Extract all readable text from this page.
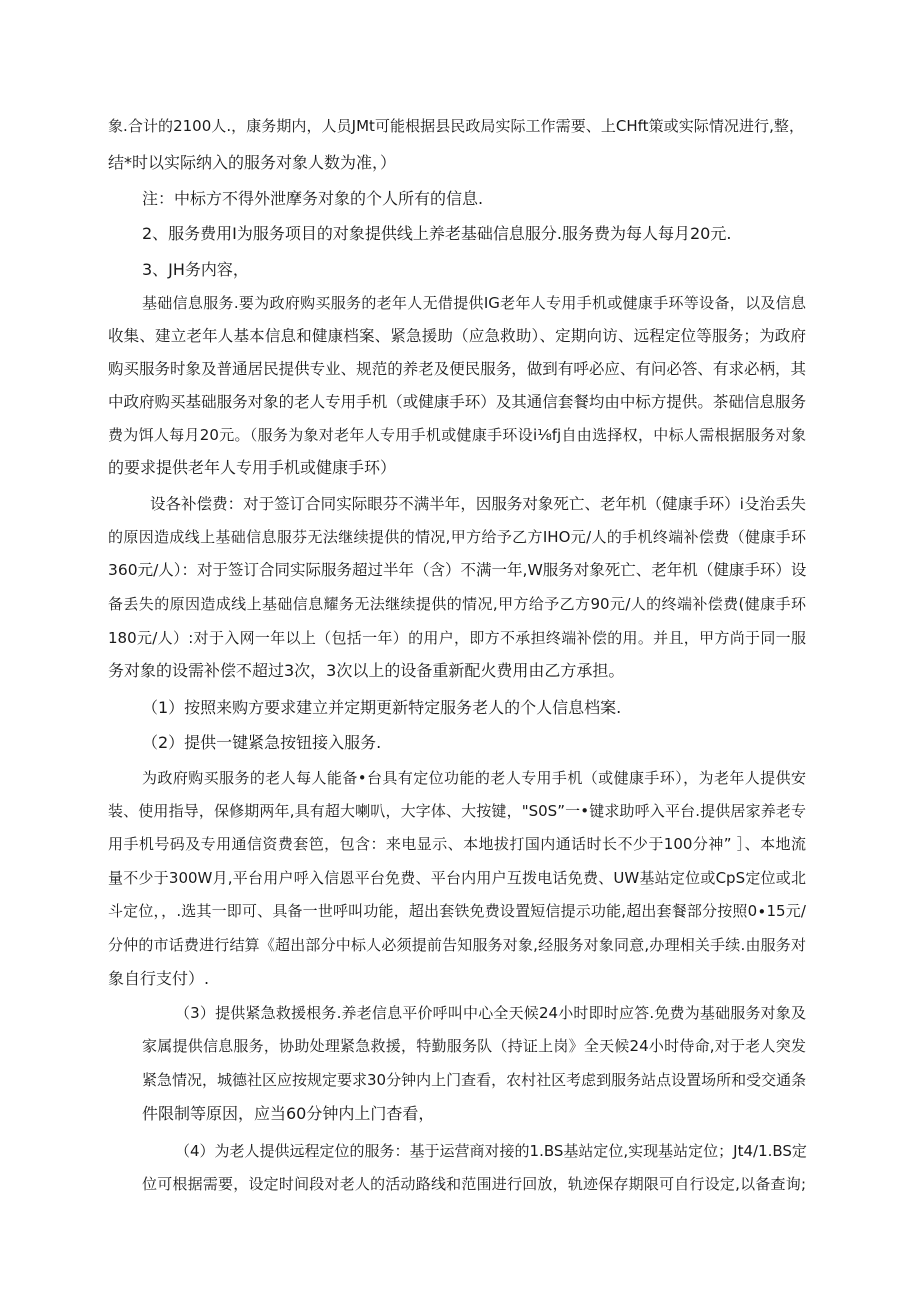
象.合计的2100人.，康务期内，人员JMt可能根据县民政局实际工作需要、上CHft策或实际情况进行,整，
结*时以实际纳入的服务对象人数为准，）
注：中标方不得外泄摩务对象的个人所有的信息.
2、服务费用I为服务项目的对象提供线上养老基础信息服分.服务费为每人每月20元.
3、JH务内容，
基础信息服务.要为政府购买服务的老年人无借提供IG老年人专用手机或健康手环等设备，以及信息
收集、建立老年人基本信息和健康档案、紧急援助（应急救助）、定期向访、远程定位等服务；为政府
购买服务时象及普通居民提供专业、规范的养老及便民服务，做到有呼必应、有问必答、有求必柄，其
中政府购买基础服务对象的老人专用手机（或健康手环）及其通信套餐均由中标方提供。茶础信息服务
费为饵人每月20元。（服务为象对老年人专用手机或健康手环设i⅛fj自由选择权，中标人需根据服务对象
的要求提供老年人专用手机或健康手环）
设各补偿费：对于签订合同实际眼芬不满半年，因服务对象死亡、老年机（健康手环）i殳治丢失
的原因造成线上基础信息服芬无法继续提供的情况,甲方给予乙方IHO元/人的手机终端补偿费（健康手环
360元/人）：对于签订合同实际服务超过半年（含）不满一年,W服务对象死亡、老年机（健康手环）设
备丢失的原因造成线上基础信息耀务无法继续提供的情况,甲方给予乙方90元/人的终端补偿费(健康手环
180元/人）:对于入网一年以上（包括一年）的用户，即方不承担终端补偿的用。并且，甲方尚于同一服
务对象的设需补偿不超过3次，3次以上的设备重新配火费用由乙方承担。
（1）按照来购方要求建立并定期更新特定服务老人的个人信息档案.
（2）提供一键紧急按钮接入服务.
为政府购买服务的老人每人能备•台具有定位功能的老人专用手机（或健康手环），为老年人提供安
装、使用指导，保修期两年,具有超大喇叭，大字体、大按键，"S0S”一•键求助呼入平台.提供居家养老专
用手机号码及专用通信资费套笆，包含：来电显示、本地拔打国内通话时长不少于100分神” ］、本地流
量不少于300W月,平台用户呼入信恩平台免费、平台内用户互拨电话免费、UW基站定位或CpS定位或北
斗定位，，.选其一即可、具备一世呼叫功能，超出套铁免费设置短信提示功能,超出套餐部分按照0∙15元/
分仲的市话费进行结算《超出部分中标人必须提前告知服务对象,经服务对象同意,办理相关手续.由服务对
象自行支付）.
（3）提供紧急救援根务.养老信息平价呼叫中心全天候24小时即时应答.免费为基础服务对象及
家属提供信息服务，协助处理紧急救援，特勤服务队（持证上岗》全天候24小时侍命,对于老人突发
紧急情况，城德社区应按规定要求30分钟内上门查看，农村社区考虑到服务站点设置场所和受交通条
件限制等原因，应当60分钟内上门杳看，
（4）为老人提供远程定位的服务：基于运营商对接的1.BS基站定位,实现基站定位；Jt4∕1.BS定
位可根据需要，设定时间段对老人的活动路线和范围进行回放，轨迹保存期限可自行设定,以备查询;
